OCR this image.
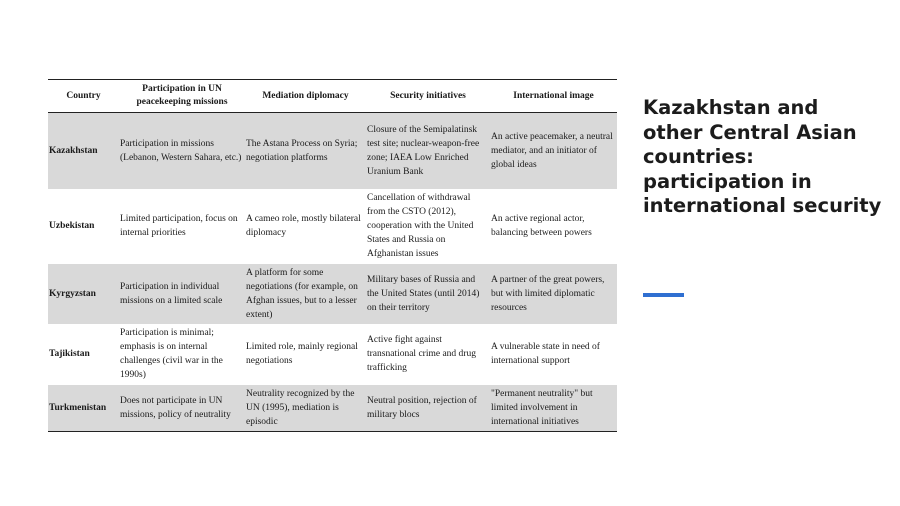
Country	Participation in UN peacekeeping missions	Mediation diplomacy	Security initiatives	International image
Kazakhstan	Participation in missions (Lebanon, Western Sahara, etc.)	The Astana Process on Syria; negotiation platforms	Closure of the Semipalatinsk test site; nuclear-weapon-free zone; IAEA Low Enriched Uranium Bank	An active peacemaker, a neutral mediator, and an initiator of global ideas
Uzbekistan	Limited participation, focus on internal priorities	A cameo role, mostly bilateral diplomacy	Cancellation of withdrawal from the CSTO (2012), cooperation with the United States and Russia on Afghanistan issues	An active regional actor, balancing between powers
Kyrgyzstan	Participation in individual missions on a limited scale	A platform for some negotiations (for example, on Afghan issues, but to a lesser extent)	Military bases of Russia and the United States (until 2014) on their territory	A partner of the great powers, but with limited diplomatic resources
Tajikistan	Participation is minimal; emphasis is on internal challenges (civil war in the 1990s)	Limited role, mainly regional negotiations	Active fight against transnational crime and drug trafficking	A vulnerable state in need of international support
Turkmenistan	Does not participate in UN missions, policy of neutrality	Neutrality recognized by the UN (1995), mediation is episodic	Neutral position, rejection of military blocs	"Permanent neutrality" but limited involvement in international initiatives
Kazakhstan and other Central Asian countries: participation in international security
